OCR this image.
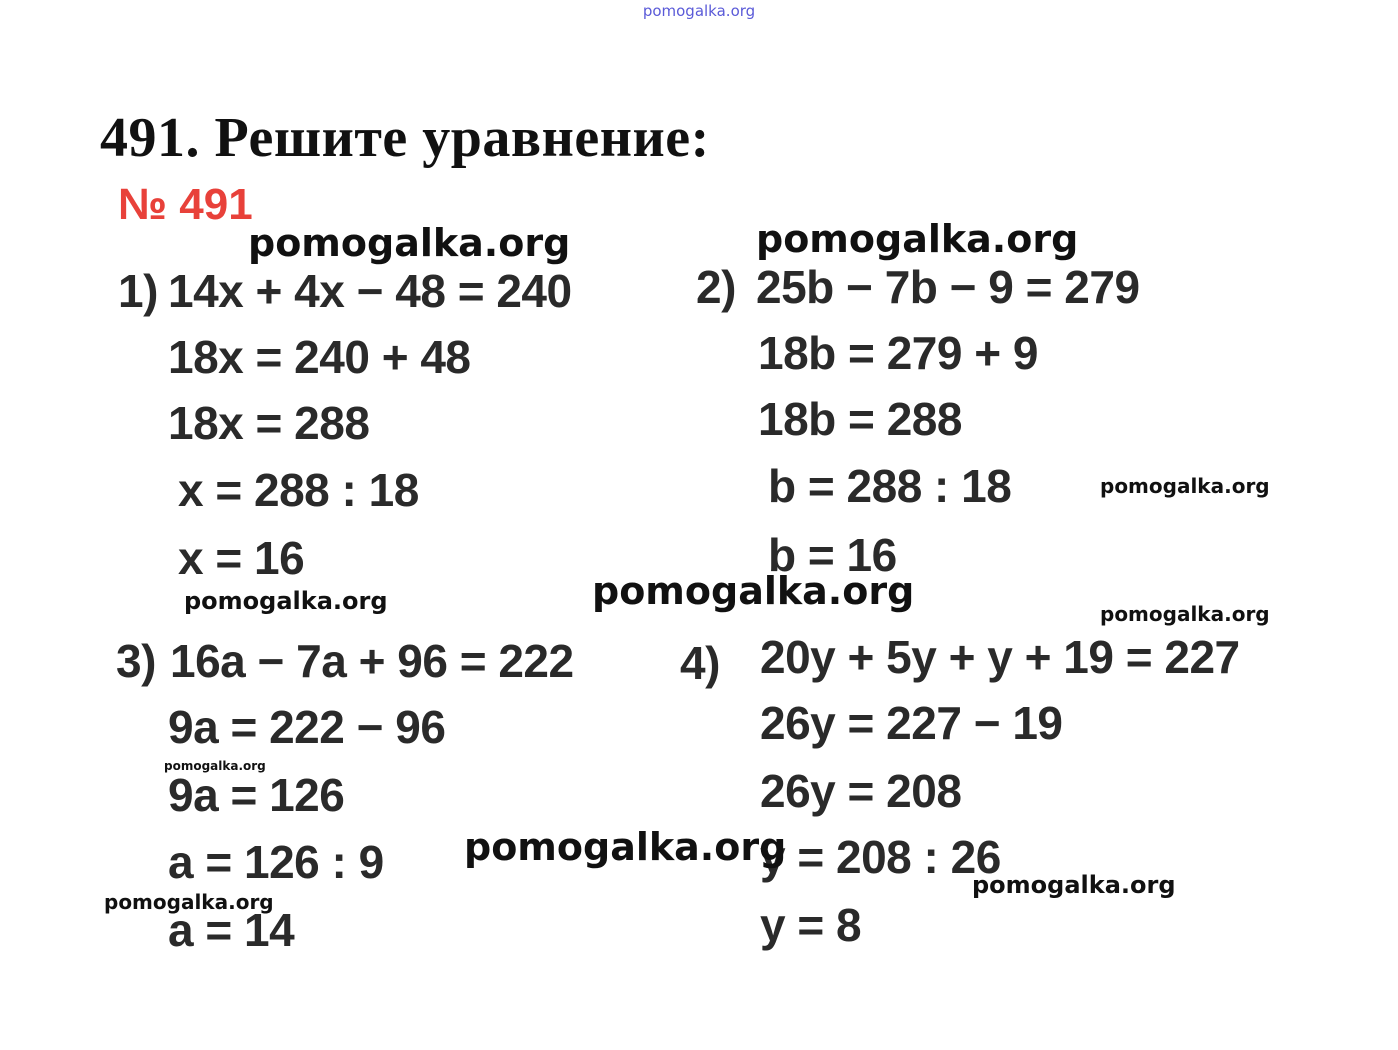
pomogalka.org
491. Решите уравнение:
№ 491
1) 14x + 4x − 48 = 240
18x = 240 + 48
18x = 288
x = 288 : 18
x = 16
2) 25b − 7b − 9 = 279
18b = 279 + 9
18b = 288
b = 288 : 18
b = 16
3) 16a − 7a + 96 = 222
9a = 222 − 96
9a = 126
a = 126 : 9
a = 14
4) 20y + 5y + y + 19 = 227
26y = 227 − 19
26y = 208
y = 208 : 26
y = 8
pomogalka.org	pomogalka.org
pomogalka.org
pomogalka.org	pomogalka.org
pomogalka.org
pomogalka.org
pomogalka.org
pomogalka.org
pomogalka.org
